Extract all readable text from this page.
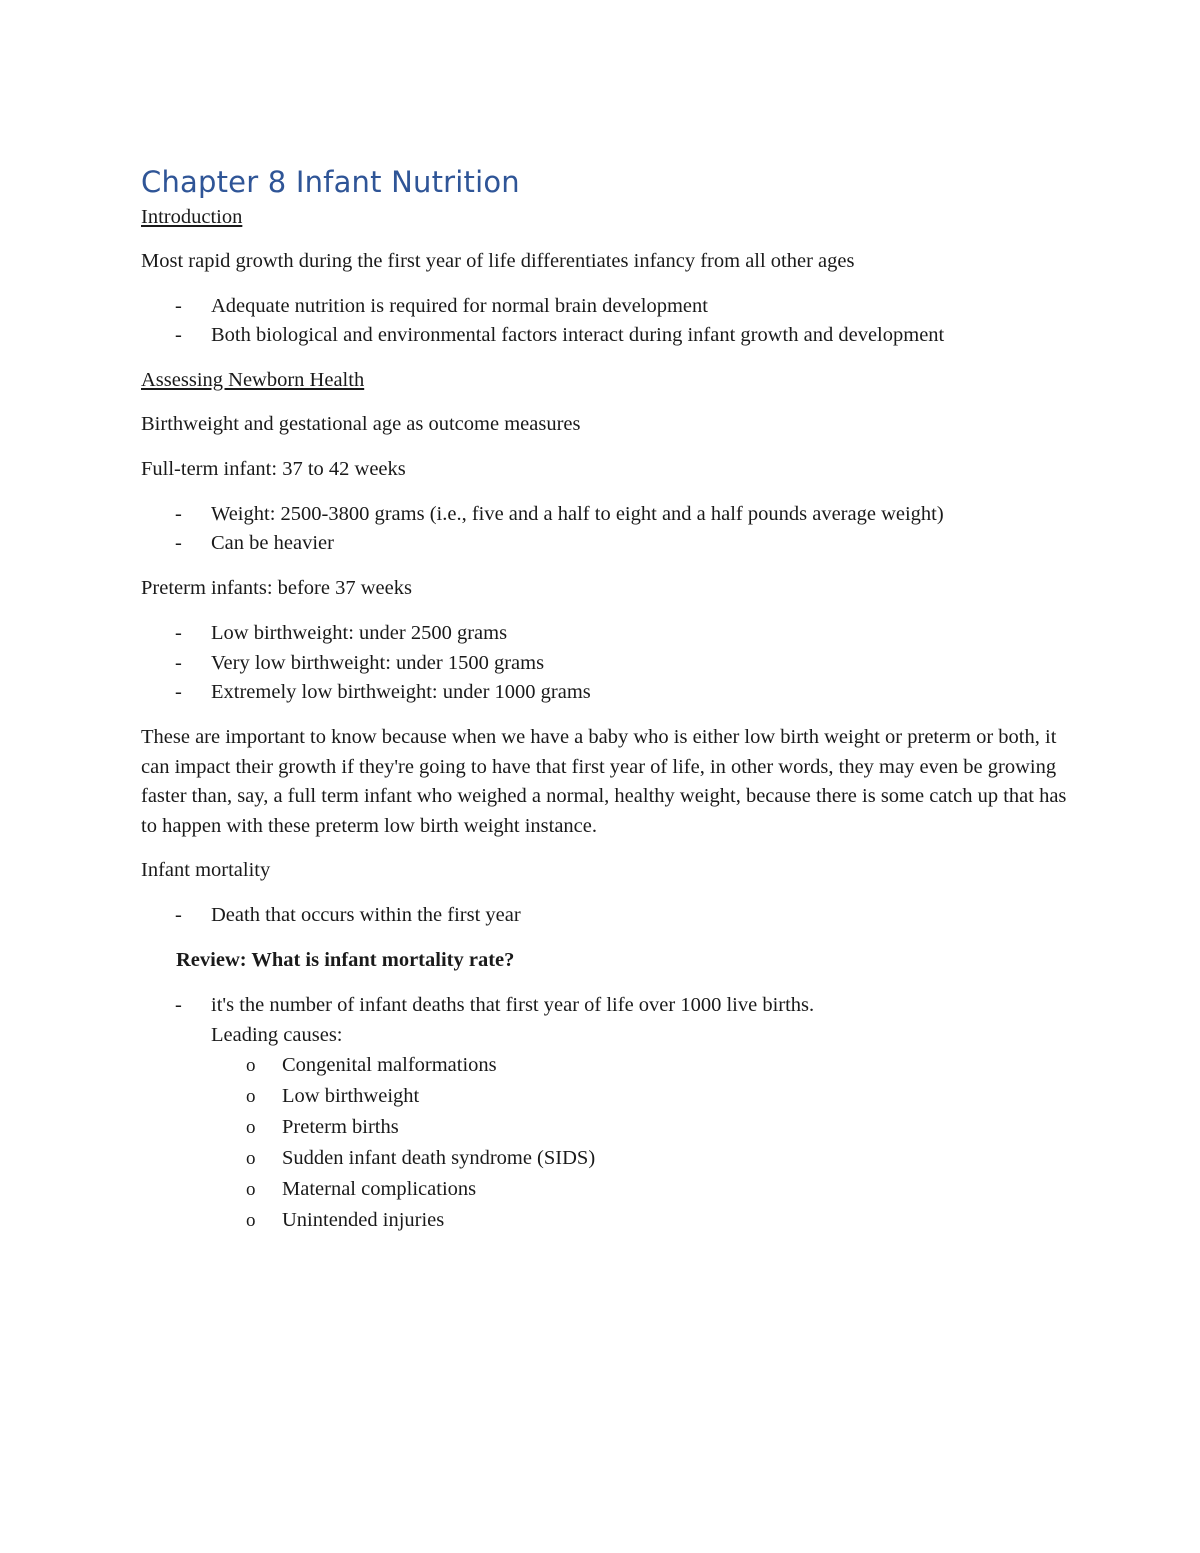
Chapter 8 Infant Nutrition

Introduction

Most rapid growth during the first year of life differentiates infancy from all other ages

- Adequate nutrition is required for normal brain development
- Both biological and environmental factors interact during infant growth and development

Assessing Newborn Health

Birthweight and gestational age as outcome measures

Full-term infant: 37 to 42 weeks

- Weight: 2500-3800 grams (i.e., five and a half to eight and a half pounds average weight)
- Can be heavier

Preterm infants: before 37 weeks

- Low birthweight: under 2500 grams
- Very low birthweight: under 1500 grams
- Extremely low birthweight: under 1000 grams

These are important to know because when we have a baby who is either low birth weight or preterm or both, it can impact their growth if they're going to have that first year of life, in other words, they may even be growing faster than, say, a full term infant who weighed a normal, healthy weight, because there is some catch up that has to happen with these preterm low birth weight instance.

Infant mortality

- Death that occurs within the first year

Review: What is infant mortality rate?

- it's the number of infant deaths that first year of life over 1000 live births.
Leading causes:
o Congenital malformations
o Low birthweight
o Preterm births
o Sudden infant death syndrome (SIDS)
o Maternal complications
o Unintended injuries
